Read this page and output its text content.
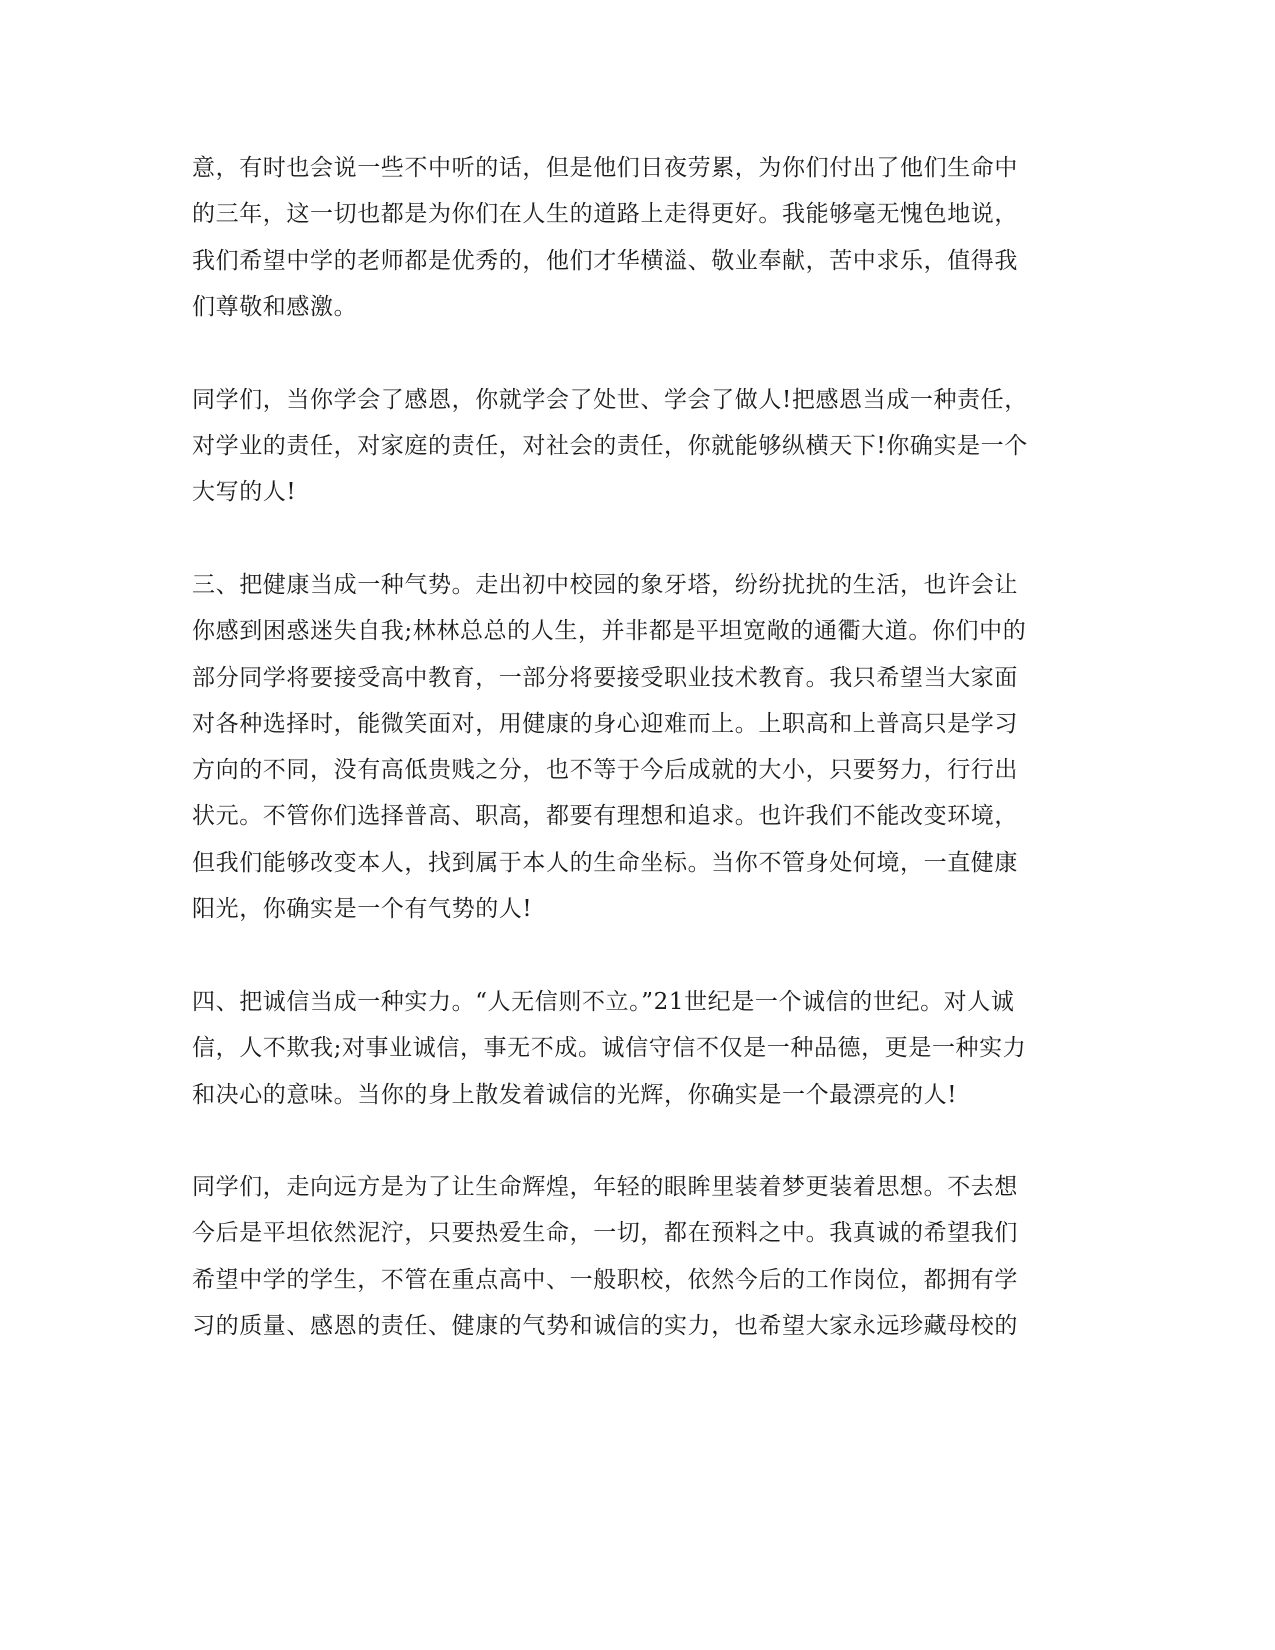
意，有时也会说一些不中听的话，但是他们日夜劳累，为你们付出了他们生命中
的三年，这一切也都是为你们在人生的道路上走得更好。我能够毫无愧色地说，
我们希望中学的老师都是优秀的，他们才华横溢、敬业奉献，苦中求乐，值得我
们尊敬和感激。
同学们，当你学会了感恩，你就学会了处世、学会了做人!把感恩当成一种责任，
对学业的责任，对家庭的责任，对社会的责任，你就能够纵横天下!你确实是一个
大写的人!
三、把健康当成一种气势。走出初中校园的象牙塔，纷纷扰扰的生活，也许会让
你感到困惑迷失自我;林林总总的人生，并非都是平坦宽敞的通衢大道。你们中的
部分同学将要接受高中教育，一部分将要接受职业技术教育。我只希望当大家面
对各种选择时，能微笑面对，用健康的身心迎难而上。上职高和上普高只是学习
方向的不同，没有高低贵贱之分，也不等于今后成就的大小，只要努力，行行出
状元。不管你们选择普高、职高，都要有理想和追求。也许我们不能改变环境，
但我们能够改变本人，找到属于本人的生命坐标。当你不管身处何境，一直健康
阳光，你确实是一个有气势的人!
四、把诚信当成一种实力。“人无信则不立。”21世纪是一个诚信的世纪。对人诚
信，人不欺我;对事业诚信，事无不成。诚信守信不仅是一种品德，更是一种实力
和决心的意味。当你的身上散发着诚信的光辉，你确实是一个最漂亮的人!
同学们，走向远方是为了让生命辉煌，年轻的眼眸里装着梦更装着思想。不去想
今后是平坦依然泥泞，只要热爱生命，一切，都在预料之中。我真诚的希望我们
希望中学的学生，不管在重点高中、一般职校，依然今后的工作岗位，都拥有学
习的质量、感恩的责任、健康的气势和诚信的实力，也希望大家永远珍藏母校的
